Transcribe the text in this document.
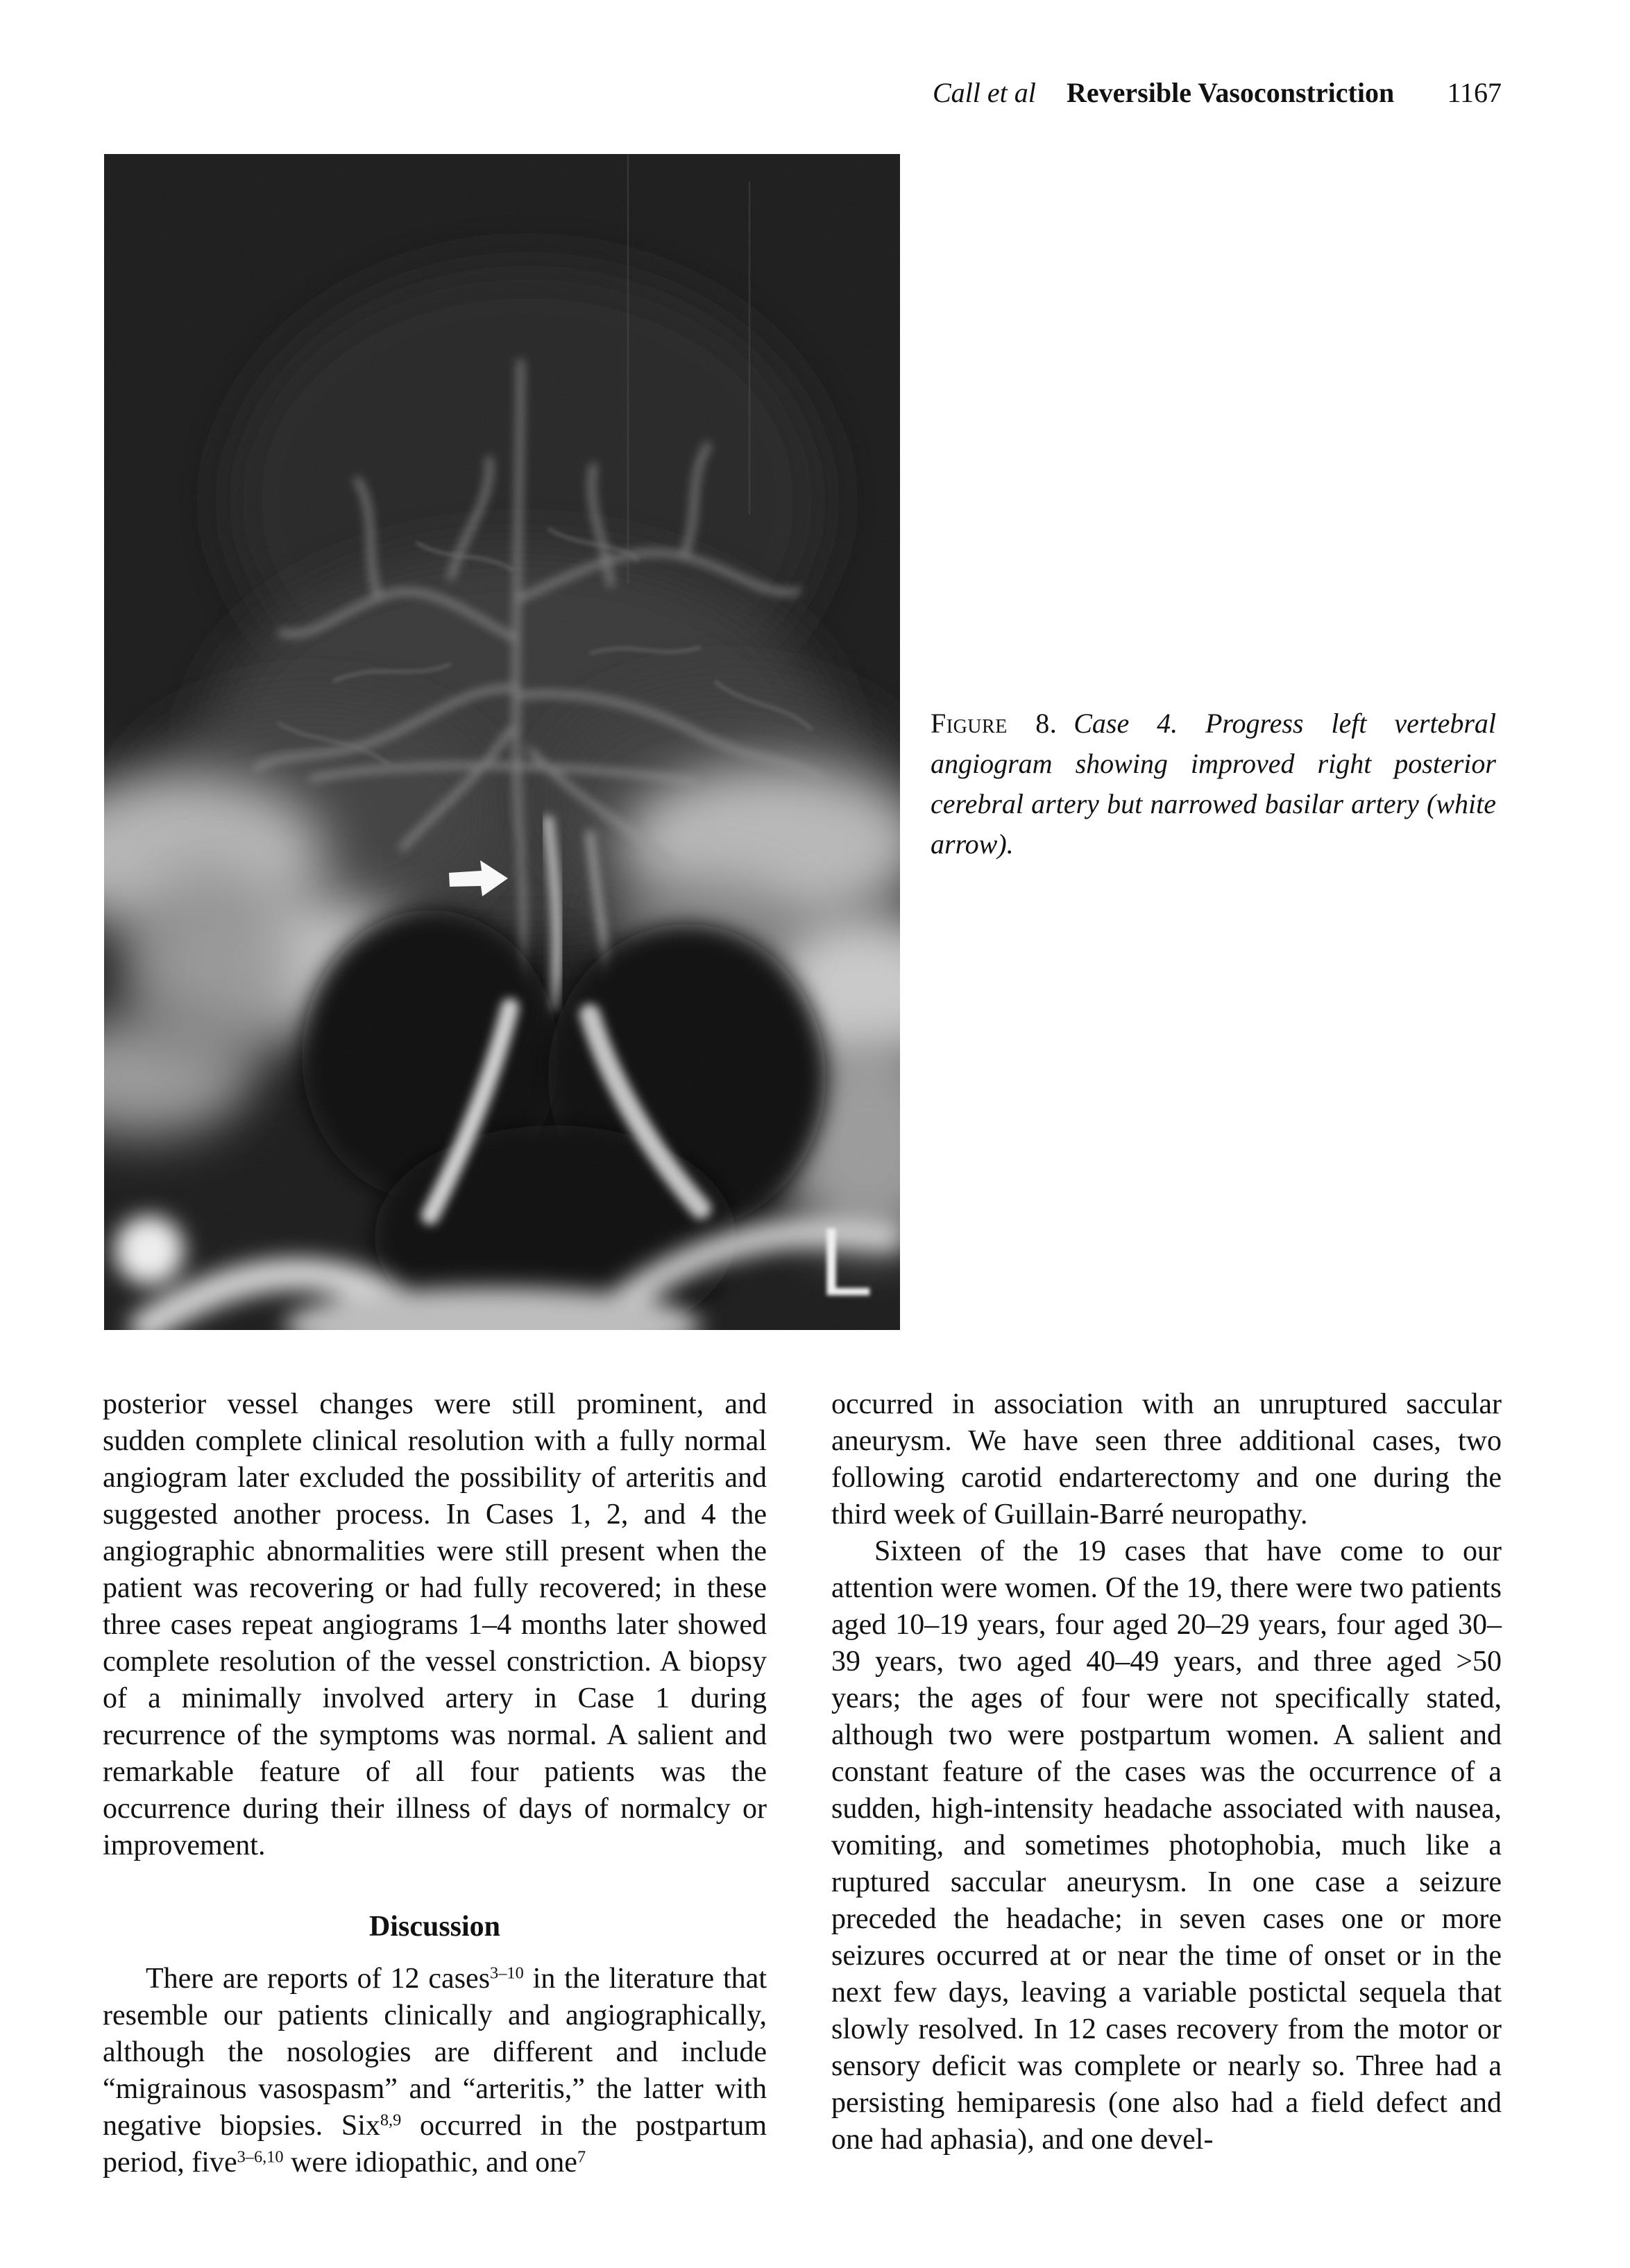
Call et al Reversible Vasoconstriction	1167
Figure 8. Case 4. Progress left vertebral angiogram showing improved right posterior cerebral artery but narrowed basilar artery (white arrow).

posterior vessel changes were still prominent, and sudden complete clinical resolution with a fully normal angiogram later excluded the possibility of arteritis and suggested another process. In Cases 1, 2, and 4 the angiographic abnormalities were still present when the patient was recovering or had fully recovered; in these three cases repeat angiograms 1–4 months later showed complete resolution of the vessel constriction. A biopsy of a minimally involved artery in Case 1 during recurrence of the symptoms was normal. A salient and remarkable feature of all four patients was the occurrence during their illness of days of normalcy or improvement.

Discussion

There are reports of 12 cases$^{3-10}$ in the literature that resemble our patients clinically and angiographically, although the nosologies are different and include “migrainous vasospasm” and “arteritis,” the latter with negative biopsies. Six$^{8,9}$ occurred in the postpartum period, five$^{3-6,10}$ were idiopathic, and one$^7$

occurred in association with an unruptured saccular aneurysm. We have seen three additional cases, two following carotid endarterectomy and one during the third week of Guillain-Barré neuropathy.

Sixteen of the 19 cases that have come to our attention were women. Of the 19, there were two patients aged 10–19 years, four aged 20–29 years, four aged 30–39 years, two aged 40–49 years, and three aged >50 years; the ages of four were not specifically stated, although two were postpartum women. A salient and constant feature of the cases was the occurrence of a sudden, high-intensity headache associated with nausea, vomiting, and sometimes photophobia, much like a ruptured saccular aneurysm. In one case a seizure preceded the headache; in seven cases one or more seizures occurred at or near the time of onset or in the next few days, leaving a variable postictal sequela that slowly resolved. In 12 cases recovery from the motor or sensory deficit was complete or nearly so. Three had a persisting hemiparesis (one also had a field defect and one had aphasia), and one devel-
